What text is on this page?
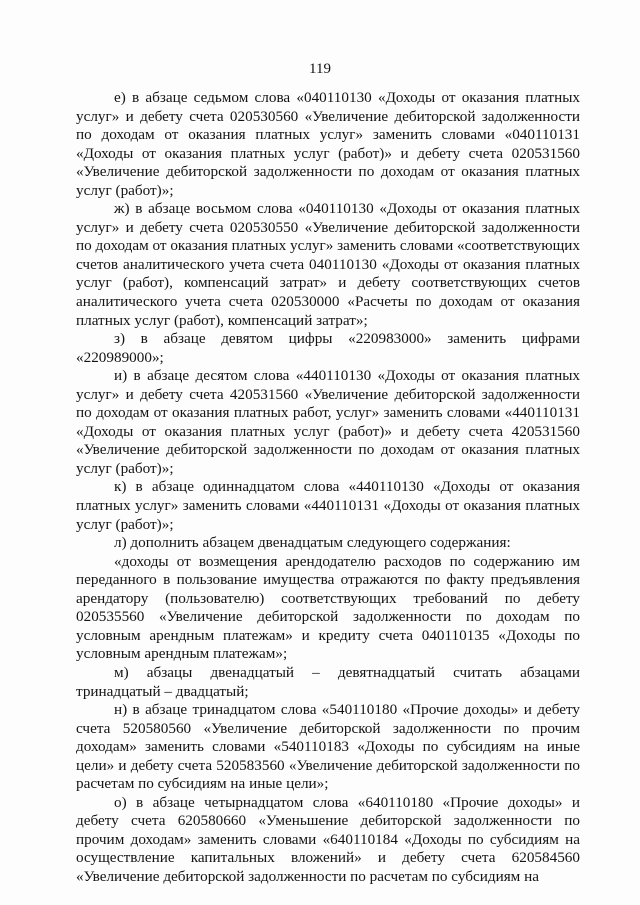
119

е) в абзаце седьмом слова «040110130 «Доходы от оказания платных услуг» и дебету счета 020530560 «Увеличение дебиторской задолженности по доходам от оказания платных услуг» заменить словами «040110131 «Доходы от оказания платных услуг (работ)» и дебету счета 020531560 «Увеличение дебиторской задолженности по доходам от оказания платных услуг (работ)»;

ж) в абзаце восьмом слова «040110130 «Доходы от оказания платных услуг» и дебету счета 020530550 «Увеличение дебиторской задолженности по доходам от оказания платных услуг» заменить словами «соответствующих счетов аналитического учета счета 040110130 «Доходы от оказания платных услуг (работ), компенсаций затрат» и дебету соответствующих счетов аналитического учета счета 020530000 «Расчеты по доходам от оказания платных услуг (работ), компенсаций затрат»;

з) в абзаце девятом цифры «220983000» заменить цифрами «220989000»;

и) в абзаце десятом слова «440110130 «Доходы от оказания платных услуг» и дебету счета 420531560 «Увеличение дебиторской задолженности по доходам от оказания платных работ, услуг» заменить словами «440110131 «Доходы от оказания платных услуг (работ)» и дебету счета 420531560 «Увеличение дебиторской задолженности по доходам от оказания платных услуг (работ)»;

к) в абзаце одиннадцатом слова «440110130 «Доходы от оказания платных услуг» заменить словами «440110131 «Доходы от оказания платных услуг (работ)»;

л) дополнить абзацем двенадцатым следующего содержания:

«доходы от возмещения арендодателю расходов по содержанию им переданного в пользование имущества отражаются по факту предъявления арендатору (пользователю) соответствующих требований по дебету 020535560 «Увеличение дебиторской задолженности по доходам по условным арендным платежам» и кредиту счета 040110135 «Доходы по условным арендным платежам»;

м) абзацы двенадцатый – девятнадцатый считать абзацами тринадцатый – двадцатый;

н) в абзаце тринадцатом слова «540110180 «Прочие доходы» и дебету счета 520580560 «Увеличение дебиторской задолженности по прочим доходам» заменить словами «540110183 «Доходы по субсидиям на иные цели» и дебету счета 520583560 «Увеличение дебиторской задолженности по расчетам по субсидиям на иные цели»;

о) в абзаце четырнадцатом слова «640110180 «Прочие доходы» и дебету счета 620580660 «Уменьшение дебиторской задолженности по прочим доходам» заменить словами «640110184 «Доходы по субсидиям на осуществление капитальных вложений» и дебету счета 620584560 «Увеличение дебиторской задолженности по расчетам по субсидиям на
